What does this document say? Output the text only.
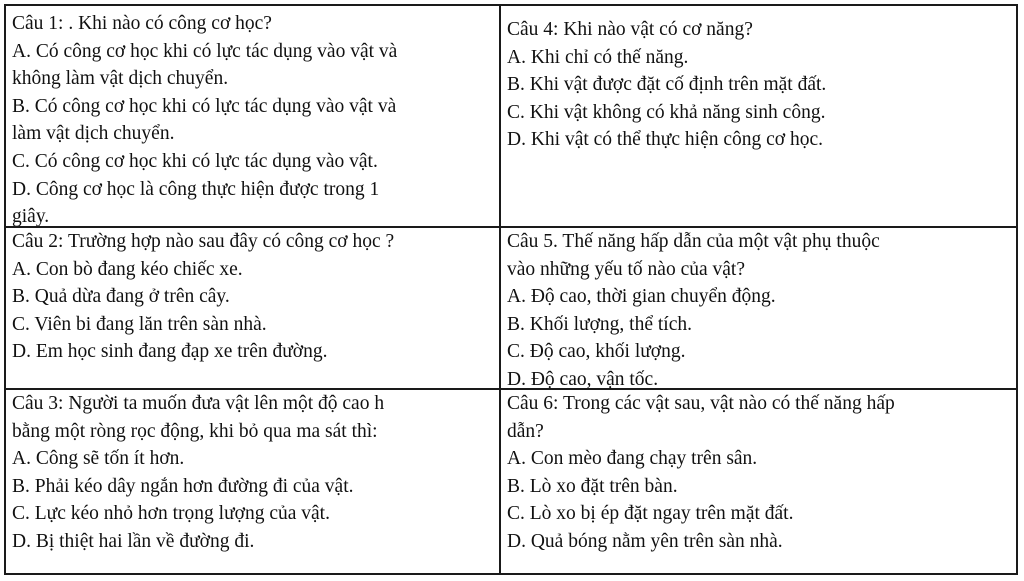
Câu 1: . Khi nào có công cơ học?
A. Có công cơ học khi có lực tác dụng vào vật và
không làm vật dịch chuyển.
B. Có công cơ học khi có lực tác dụng vào vật và
làm vật dịch chuyển.
C. Có công cơ học khi có lực tác dụng vào vật.
D. Công cơ học là công thực hiện được trong 1
giây.
Câu 4: Khi nào vật có cơ năng?
A. Khi chỉ có thế năng.
B. Khi vật được đặt cố định trên mặt đất.
C. Khi vật không có khả năng sinh công.
D. Khi vật có thể thực hiện công cơ học.
Câu 2: Trường hợp nào sau đây có công cơ học ?
A. Con bò đang kéo chiếc xe.
B. Quả dừa đang ở trên cây.
C. Viên bi đang lăn trên sàn nhà.
D. Em học sinh đang đạp xe trên đường.
Câu 5. Thế năng hấp dẫn của một vật phụ thuộc
vào những yếu tố nào của vật?
A. Độ cao, thời gian chuyển động.
B. Khối lượng, thể tích.
C. Độ cao, khối lượng.
D. Độ cao, vận tốc.
Câu 3: Người ta muốn đưa vật lên một độ cao h
bằng một ròng rọc động, khi bỏ qua ma sát thì:
A. Công sẽ tốn ít hơn.
B. Phải kéo dây ngắn hơn đường đi của vật.
C. Lực kéo nhỏ hơn trọng lượng của vật.
D. Bị thiệt hai lần về đường đi.
Câu 6: Trong các vật sau, vật nào có thế năng hấp
dẫn?
A. Con mèo đang chạy trên sân.
B. Lò xo đặt trên bàn.
C. Lò xo bị ép đặt ngay trên mặt đất.
D. Quả bóng nằm yên trên sàn nhà.
